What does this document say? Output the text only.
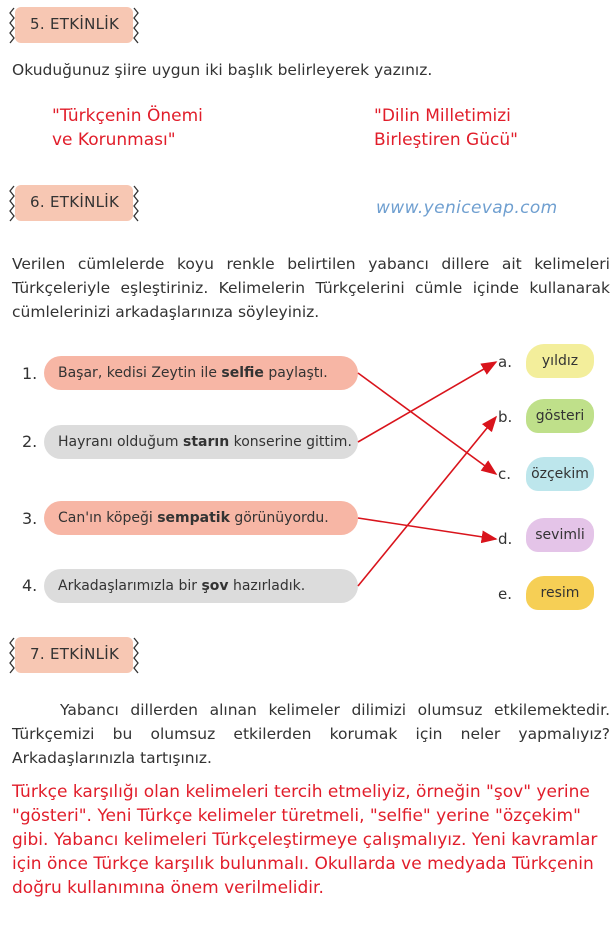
5. ETKİNLİK
Okuduğunuz şiire uygun iki başlık belirleyerek yazınız.
"Türkçenin Önemi
ve Korunması"
"Dilin Milletimizi
Birleştiren Gücü"
6. ETKİNLİK	www.yenicevap.com
Verilen cümlelerde koyu renkle belirtilen yabancı dillere ait kelimeleri Türkçeleriyle eşleştiriniz. Kelimelerin Türkçelerini cümle içinde kullanarak cümlelerinizi arkadaşlarınıza söyleyiniz.
1.	Başar, kedisi Zeytin ile selfie paylaştı.
2.	Hayranı olduğum starın konserine gittim.
3.	Can'ın köpeği sempatik görünüyordu.
4.	Arkadaşlarımızla bir şov hazırladık.
a.	yıldız
b.	gösteri
c.	özçekim
d.	sevimli
e.	resim
7. ETKİNLİK
Yabancı dillerden alınan kelimeler dilimizi olumsuz etkilemektedir. Türkçemizi bu olumsuz etkilerden korumak için neler yapmalıyız? Arkadaşlarınızla tartışınız.
Türkçe karşılığı olan kelimeleri tercih etmeliyiz, örneğin "şov" yerine "gösteri". Yeni Türkçe kelimeler türetmeli, "selfie" yerine "özçekim" gibi. Yabancı kelimeleri Türkçeleştirmeye çalışmalıyız. Yeni kavramlar için önce Türkçe karşılık bulunmalı. Okullarda ve medyada Türkçenin doğru kullanımına önem verilmelidir.
